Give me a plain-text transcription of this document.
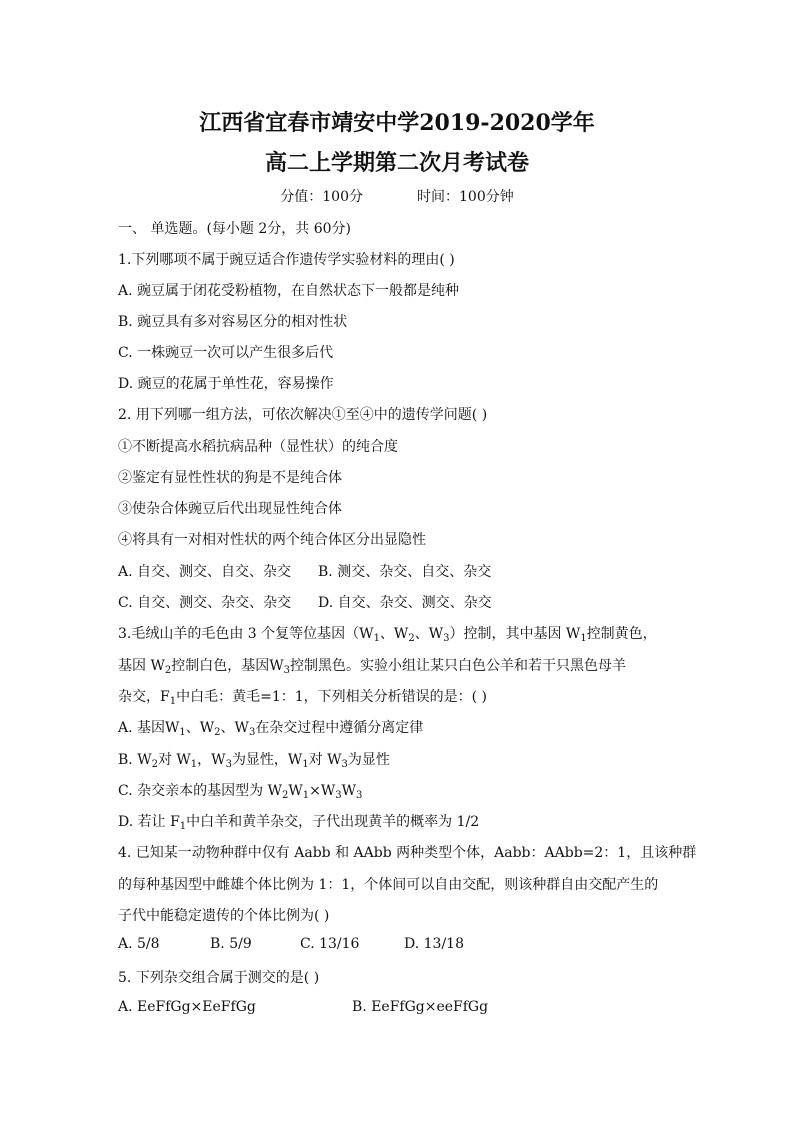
江西省宜春市靖安中学2019-2020学年
高二上学期第二次月考试卷
分值：100分	时间：100分钟
一、 单选题。(每小题 2分，共 60分)
1.下列哪项不属于豌豆适合作遗传学实验材料的理由( )
A. 豌豆属于闭花受粉植物，在自然状态下一般都是纯种
B. 豌豆具有多对容易区分的相对性状
C. 一株豌豆一次可以产生很多后代
D. 豌豆的花属于单性花，容易操作
2. 用下列哪一组方法，可依次解决①至④中的遗传学问题( )
①不断提高水稻抗病品种（显性状）的纯合度
②鉴定有显性性状的狗是不是纯合体
③使杂合体豌豆后代出现显性纯合体
④将具有一对相对性状的两个纯合体区分出显隐性
A. 自交、测交、自交、杂交 B. 测交、杂交、自交、杂交
C. 自交、测交、杂交、杂交 D. 自交、杂交、测交、杂交
3.毛绒山羊的毛色由 3 个复等位基因（$W_1$、$W_2$、$W_3$）控制，其中基因 $W_1$控制黄色，
基因 $W_2$控制白色，基因$W_3$控制黑色。实验小组让某只白色公羊和若干只黑色母羊
杂交，$F_1$中白毛：黄毛=1：1，下列相关分析错误的是：( )
A. 基因$W_1$、$W_2$、$W_3$在杂交过程中遵循分离定律
B. $W_2$对 $W_1$，$W_3$为显性，$W_1$对 $W_3$为显性
C. 杂交亲本的基因型为 $W_2W_1\times W_3W_3$
D. 若让 $F_1$中白羊和黄羊杂交，子代出现黄羊的概率为 1/2
4. 已知某一动物种群中仅有 Aabb 和 AAbb 两种类型个体，Aabb：AAbb=2：1，且该种群
的每种基因型中雌雄个体比例为 1：1，个体间可以自由交配，则该种群自由交配产生的
子代中能稳定遗传的个体比例为( )
A. 5/8	B. 5/9	C. 13/16	D. 13/18
5. 下列杂交组合属于测交的是( )
A. EeFfGg×EeFfGg	B. EeFfGg×eeFfGg
